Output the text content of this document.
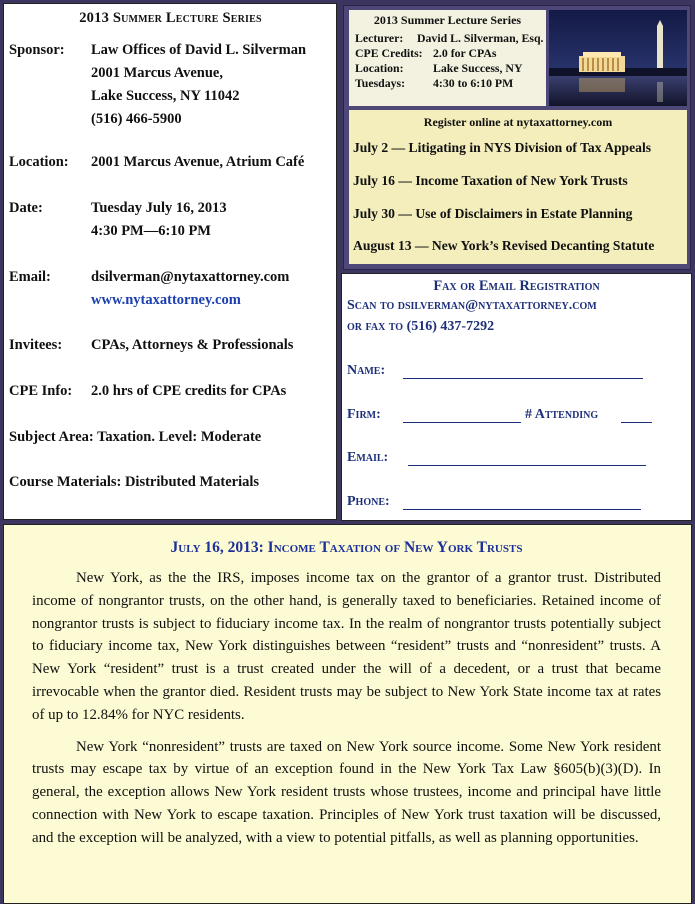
2013 Summer Lecture Series
Sponsor:	Law Offices of David L. Silverman
2001 Marcus Avenue,
Lake Success, NY 11042
(516) 466-5900
Location:	2001 Marcus Avenue, Atrium Café
Date:	Tuesday July 16, 2013
4:30 PM—6:10 PM
Email:	dsilverman@nytaxattorney.com
www.nytaxattorney.com
Invitees:	CPAs, Attorneys & Professionals
CPE Info:	2.0 hrs of CPE credits for CPAs
Subject Area: Taxation. Level: Moderate
Course Materials: Distributed Materials
2013 Summer Lecture Series
Lecturer:	David L. Silverman, Esq.
CPE Credits: 2.0 for CPAs
Location:	Lake Success, NY
Tuesdays:	4:30 to 6:10 PM
Register online at nytaxattorney.com
July 2 — Litigating in NYS Division of Tax Appeals
July 16 — Income Taxation of New York Trusts
July 30 — Use of Disclaimers in Estate Planning
August 13 — New York’s Revised Decanting Statute
Fax or Email Registration
Scan to dsilverman@nytaxattorney.com
or fax to (516) 437-7292
Name:
Firm:	# Attending
Email:
Phone:
July 16, 2013: Income Taxation of New York Trusts

New York, as the the IRS, imposes income tax on the grantor of a grantor trust. Distributed income of nongrantor trusts, on the other hand, is generally taxed to beneficiaries. Retained income of nongrantor trusts is subject to fiduciary income tax. In the realm of nongrantor trusts potentially subject to fiduciary income tax, New York distinguishes between “resident” trusts and “nonresident” trusts. A New York “resident” trust is a trust created under the will of a decedent, or a trust that became irrevocable when the grantor died. Resident trusts may be subject to New York State income tax at rates of up to 12.84% for NYC residents.

New York “nonresident” trusts are taxed on New York source income. Some New York resident trusts may escape tax by virtue of an exception found in the New York Tax Law §605(b)(3)(D). In general, the exception allows New York resident trusts whose trustees, income and principal have little connection with New York to escape taxation. Principles of New York trust taxation will be discussed, and the exception will be analyzed, with a view to potential pitfalls, as well as planning opportunities.
